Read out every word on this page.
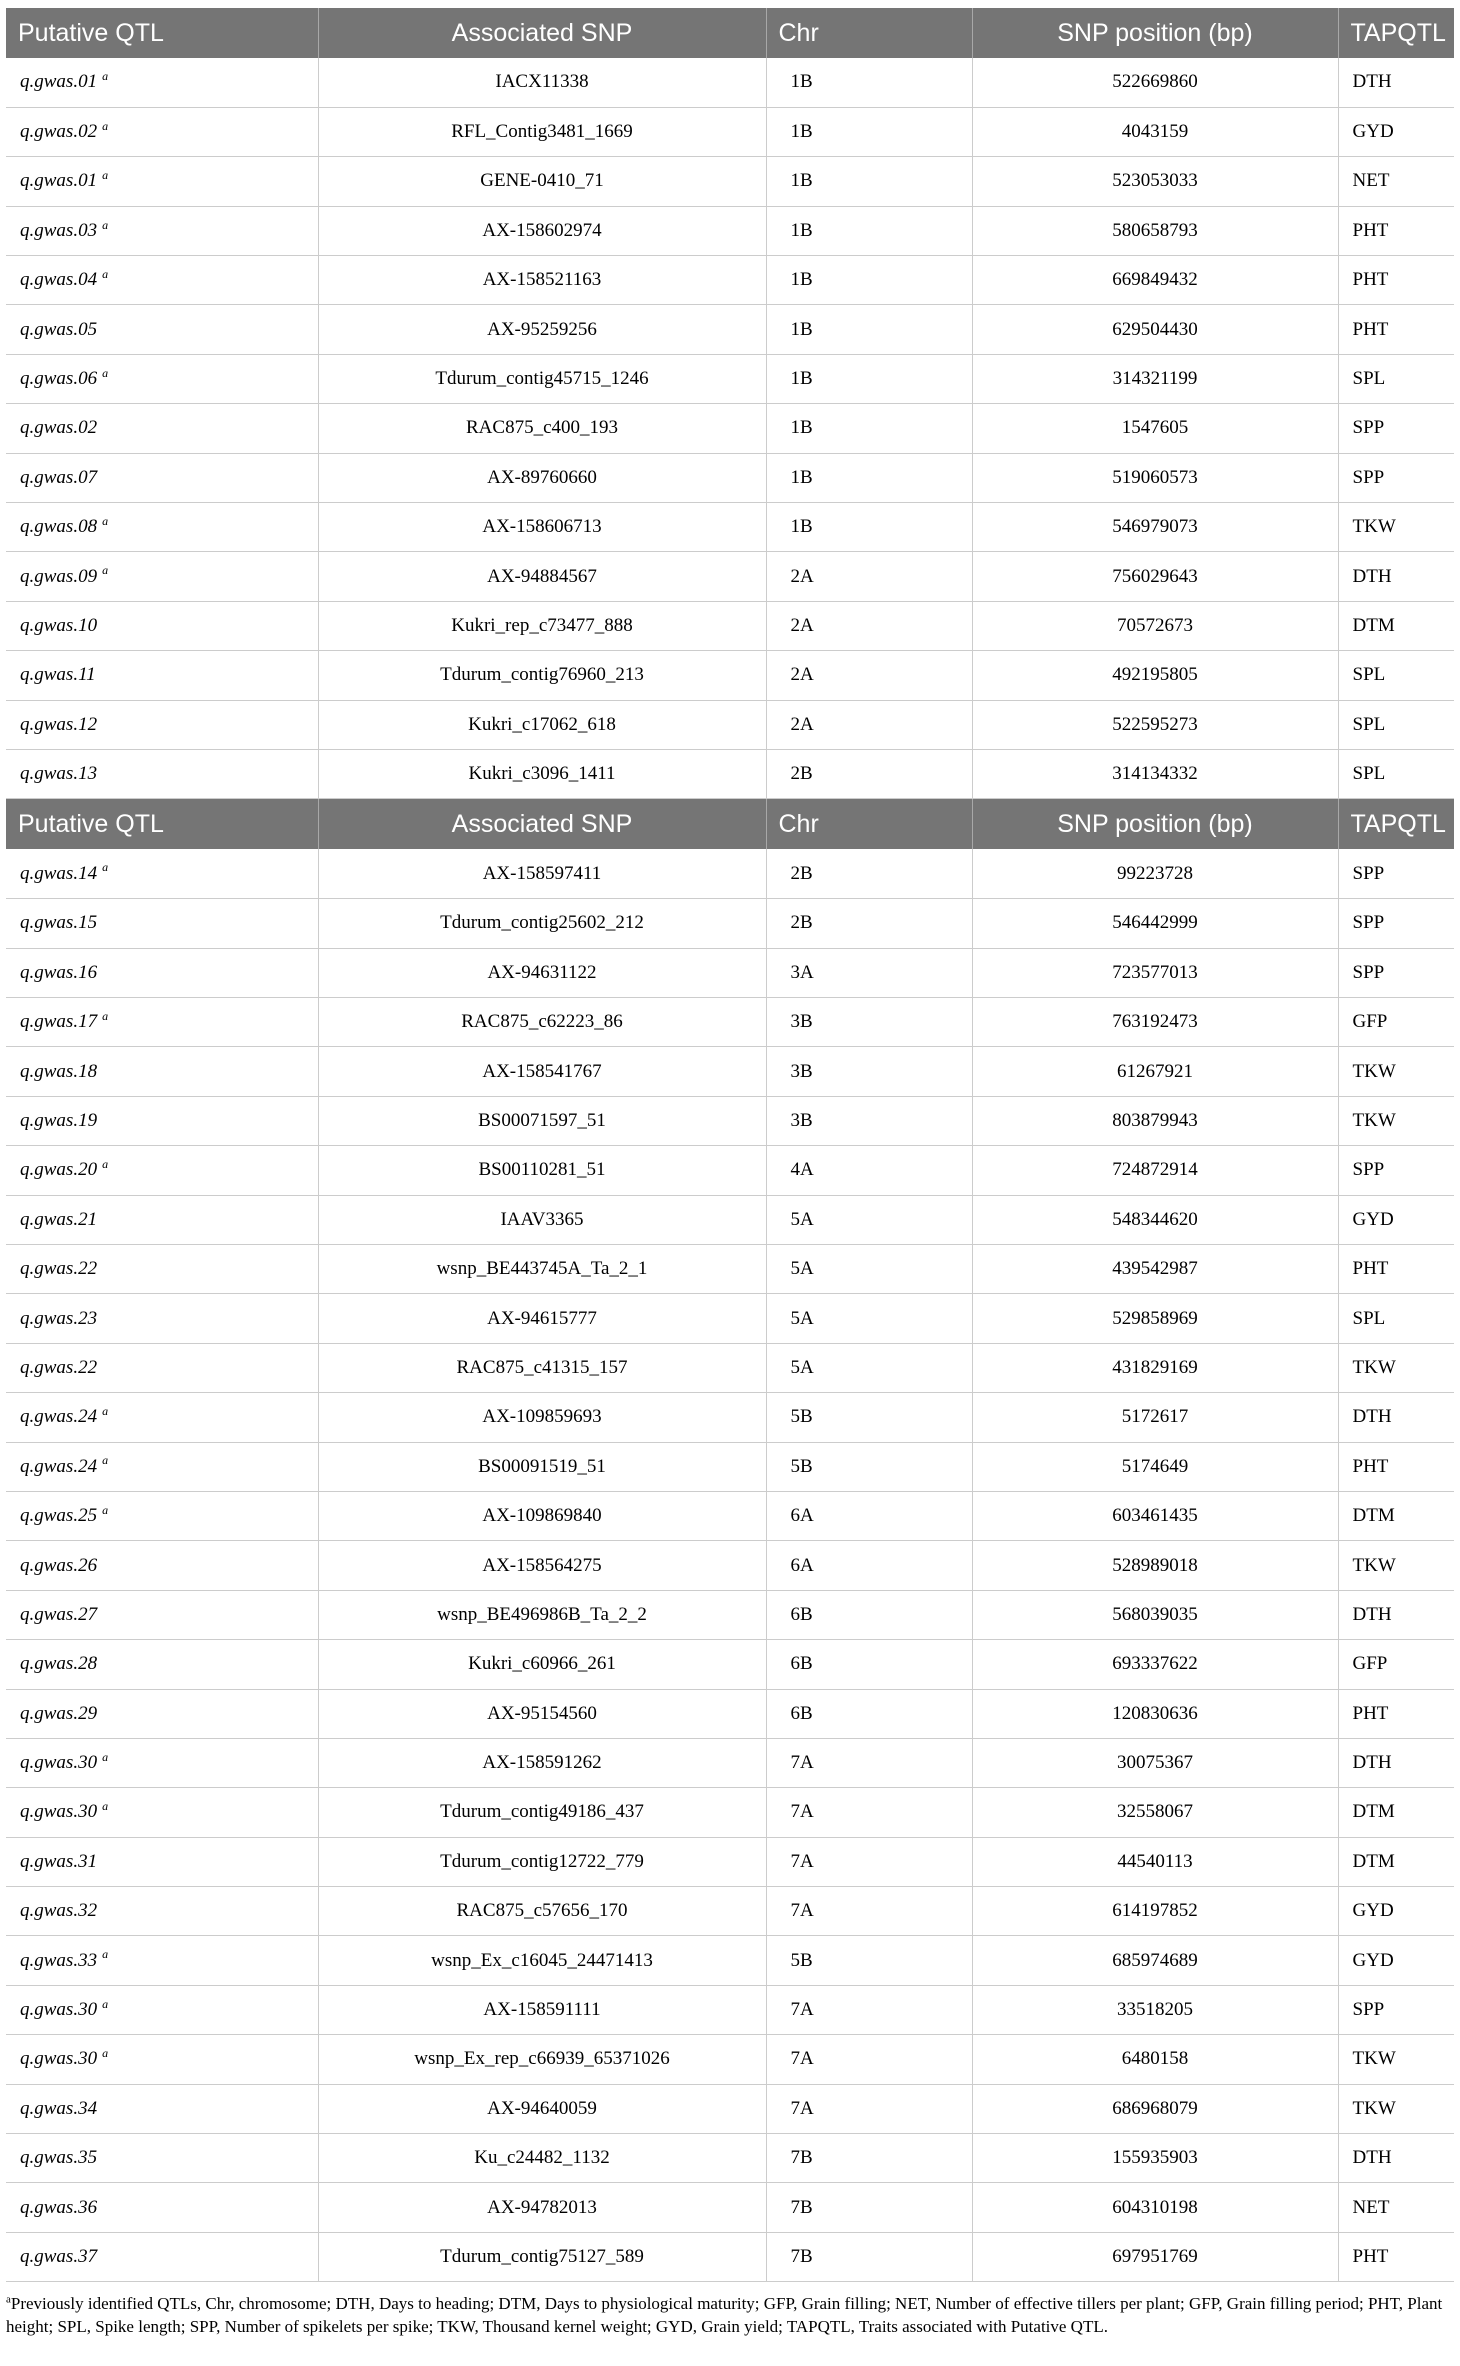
Putative QTL	Associated SNP	Chr	SNP position (bp)	TAPQTL
q.gwas.01 $^a$	IACX11338	1B	522669860	DTH
q.gwas.02 $^a$	RFL_Contig3481_1669	1B	4043159	GYD
q.gwas.01 $^a$	GENE-0410_71	1B	523053033	NET
q.gwas.03 $^a$	AX-158602974	1B	580658793	PHT
q.gwas.04 $^a$	AX-158521163	1B	669849432	PHT
q.gwas.05	AX-95259256	1B	629504430	PHT
q.gwas.06 $^a$	Tdurum_contig45715_1246	1B	314321199	SPL
q.gwas.02	RAC875_c400_193	1B	1547605	SPP
q.gwas.07	AX-89760660	1B	519060573	SPP
q.gwas.08 $^a$	AX-158606713	1B	546979073	TKW
q.gwas.09 $^a$	AX-94884567	2A	756029643	DTH
q.gwas.10	Kukri_rep_c73477_888	2A	70572673	DTM
q.gwas.11	Tdurum_contig76960_213	2A	492195805	SPL
q.gwas.12	Kukri_c17062_618	2A	522595273	SPL
q.gwas.13	Kukri_c3096_1411	2B	314134332	SPL
Putative QTL	Associated SNP	Chr	SNP position (bp)	TAPQTL
q.gwas.14 $^a$	AX-158597411	2B	99223728	SPP
q.gwas.15	Tdurum_contig25602_212	2B	546442999	SPP
q.gwas.16	AX-94631122	3A	723577013	SPP
q.gwas.17 $^a$	RAC875_c62223_86	3B	763192473	GFP
q.gwas.18	AX-158541767	3B	61267921	TKW
q.gwas.19	BS00071597_51	3B	803879943	TKW
q.gwas.20 $^a$	BS00110281_51	4A	724872914	SPP
q.gwas.21	IAAV3365	5A	548344620	GYD
q.gwas.22	wsnp_BE443745A_Ta_2_1	5A	439542987	PHT
q.gwas.23	AX-94615777	5A	529858969	SPL
q.gwas.22	RAC875_c41315_157	5A	431829169	TKW
q.gwas.24 $^a$	AX-109859693	5B	5172617	DTH
q.gwas.24 $^a$	BS00091519_51	5B	5174649	PHT
q.gwas.25 $^a$	AX-109869840	6A	603461435	DTM
q.gwas.26	AX-158564275	6A	528989018	TKW
q.gwas.27	wsnp_BE496986B_Ta_2_2	6B	568039035	DTH
q.gwas.28	Kukri_c60966_261	6B	693337622	GFP
q.gwas.29	AX-95154560	6B	120830636	PHT
q.gwas.30 $^a$	AX-158591262	7A	30075367	DTH
q.gwas.30 $^a$	Tdurum_contig49186_437	7A	32558067	DTM
q.gwas.31	Tdurum_contig12722_779	7A	44540113	DTM
q.gwas.32	RAC875_c57656_170	7A	614197852	GYD
q.gwas.33 $^a$	wsnp_Ex_c16045_24471413	5B	685974689	GYD
q.gwas.30 $^a$	AX-158591111	7A	33518205	SPP
q.gwas.30 $^a$	wsnp_Ex_rep_c66939_65371026	7A	6480158	TKW
q.gwas.34	AX-94640059	7A	686968079	TKW
q.gwas.35	Ku_c24482_1132	7B	155935903	DTH
q.gwas.36	AX-94782013	7B	604310198	NET
q.gwas.37	Tdurum_contig75127_589	7B	697951769	PHT

$^a$Previously identified QTLs, Chr, chromosome; DTH, Days to heading; DTM, Days to physiological maturity; GFP, Grain filling; NET, Number of effective tillers per plant; GFP, Grain filling period; PHT, Plant height; SPL, Spike length; SPP, Number of spikelets per spike; TKW, Thousand kernel weight; GYD, Grain yield; TAPQTL, Traits associated with Putative QTL.
